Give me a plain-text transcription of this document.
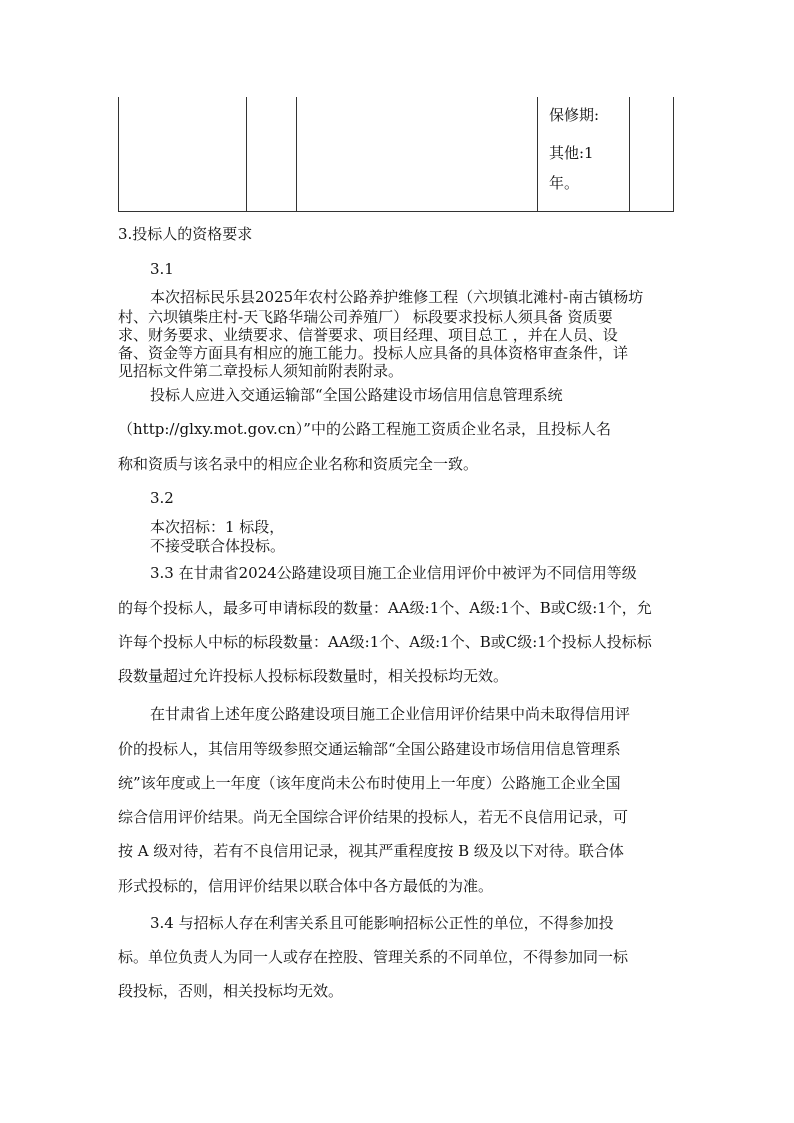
保修期:
其他:1
年。
3.投标人的资格要求
3.1
本次招标民乐县2025年农村公路养护维修工程（六坝镇北滩村-南古镇杨坊
村、六坝镇柴庄村-天飞路华瑞公司养殖厂） 标段要求投标人须具备 资质要
求、财务要求、业绩要求、信誉要求、项目经理、项目总工 ，并在人员、设
备、资金等方面具有相应的施工能力。投标人应具备的具体资格审查条件，详
见招标文件第二章投标人须知前附表附录。
投标人应进入交通运输部“全国公路建设市场信用信息管理系统
（http://glxy.mot.gov.cn）”中的公路工程施工资质企业名录，且投标人名
称和资质与该名录中的相应企业名称和资质完全一致。
3.2
本次招标：1 标段，
不接受联合体投标。
3.3 在甘肃省2024公路建设项目施工企业信用评价中被评为不同信用等级
的每个投标人，最多可申请标段的数量：AA级:1个、A级:1个、B或C级:1个，允
许每个投标人中标的标段数量：AA级:1个、A级:1个、B或C级:1个投标人投标标
段数量超过允许投标人投标标段数量时，相关投标均无效。
在甘肃省上述年度公路建设项目施工企业信用评价结果中尚未取得信用评
价的投标人，其信用等级参照交通运输部“全国公路建设市场信用信息管理系
统”该年度或上一年度（该年度尚未公布时使用上一年度）公路施工企业全国
综合信用评价结果。尚无全国综合评价结果的投标人，若无不良信用记录，可
按 A 级对待，若有不良信用记录，视其严重程度按 B 级及以下对待。联合体
形式投标的，信用评价结果以联合体中各方最低的为准。
3.4 与招标人存在利害关系且可能影响招标公正性的单位，不得参加投
标。单位负责人为同一人或存在控股、管理关系的不同单位，不得参加同一标
段投标，否则，相关投标均无效。
